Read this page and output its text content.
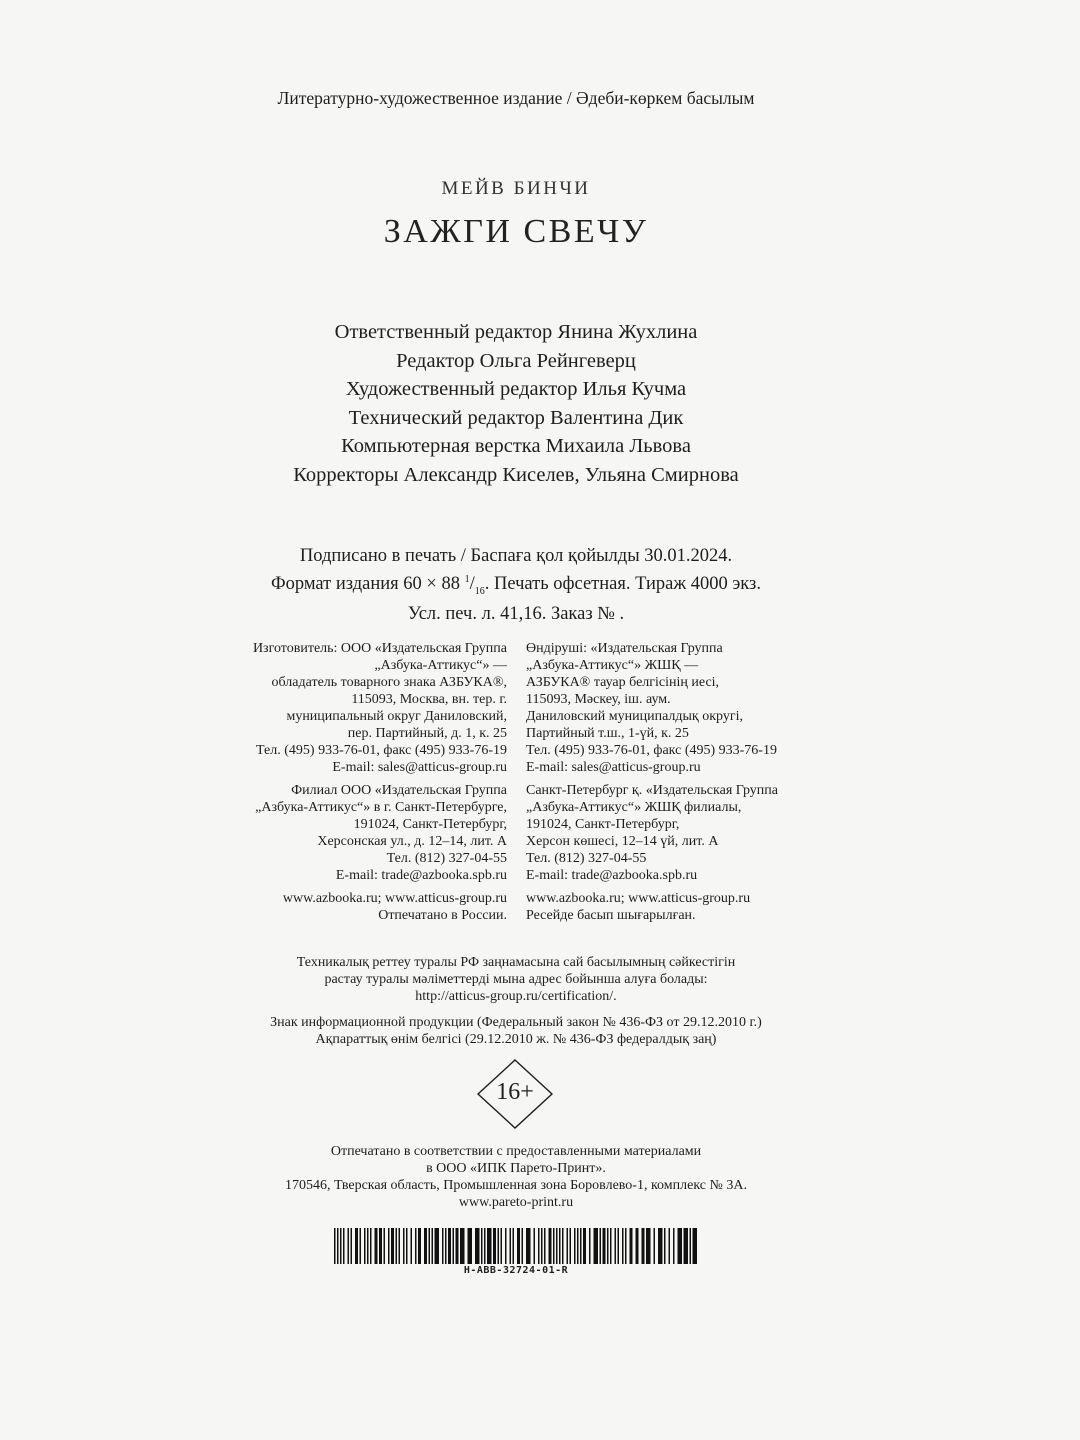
Литературно-художественное издание / Әдеби-көркем басылым
МЕЙВ БИНЧИ
ЗАЖГИ СВЕЧУ
Ответственный редактор Янина Жухлина
Редактор Ольга Рейнгеверц
Художественный редактор Илья Кучма
Технический редактор Валентина Дик
Компьютерная верстка Михаила Львова
Корректоры Александр Киселев, Ульяна Смирнова
Подписано в печать / Баспаға қол қойылды 30.01.2024.
Формат издания 60 × 88 $^1/_{16}$. Печать офсетная. Тираж 4000 экз.
Усл. печ. л. 41,16. Заказ № .
Изготовитель: ООО «Издательская Группа
„Азбука-Аттикус“» —
обладатель товарного знака АЗБУКА®,
115093, Москва, вн. тер. г.
муниципальный округ Даниловский,
пер. Партийный, д. 1, к. 25
Тел. (495) 933-76-01, факс (495) 933-76-19
E-mail: sales@atticus-group.ru
Филиал ООО «Издательская Группа
„Азбука-Аттикус“» в г. Санкт-Петербурге,
191024, Санкт-Петербург,
Херсонская ул., д. 12–14, лит. А
Тел. (812) 327-04-55
E-mail: trade@azbooka.spb.ru
www.azbooka.ru; www.atticus-group.ru
Отпечатано в России.
Өндіруші: «Издательская Группа
„Азбука-Аттикус“» ЖШҚ —
АЗБУКА® тауар белгісінің иесі,
115093, Мәскеу, іш. аум.
Даниловский муниципалдық округі,
Партийный т.ш., 1-үй, к. 25
Тел. (495) 933-76-01, факс (495) 933-76-19
E-mail: sales@atticus-group.ru
Санкт-Петербург қ. «Издательская Группа
„Азбука-Аттикус“» ЖШҚ филиалы,
191024, Санкт-Петербург,
Херсон көшесі, 12–14 үй, лит. А
Тел. (812) 327-04-55
E-mail: trade@azbooka.spb.ru
www.azbooka.ru; www.atticus-group.ru
Ресейде басып шығарылған.
Техникалық реттеу туралы РФ заңнамасына сай басылымның сәйкестігін
растау туралы мәліметтерді мына адрес бойынша алуға болады:
http://atticus-group.ru/certification/.
Знак информационной продукции (Федеральный закон № 436-ФЗ от 29.12.2010 г.)
Ақпараттық өнім белгісі (29.12.2010 ж. № 436-ФЗ федералдық заң)
16+
Отпечатано в соответствии с предоставленными материалами
в ООО «ИПК Парето-Принт».
170546, Тверская область, Промышленная зона Боровлево-1, комплекс № 3А.
www.pareto-print.ru
H-ABB-32724-01-R
